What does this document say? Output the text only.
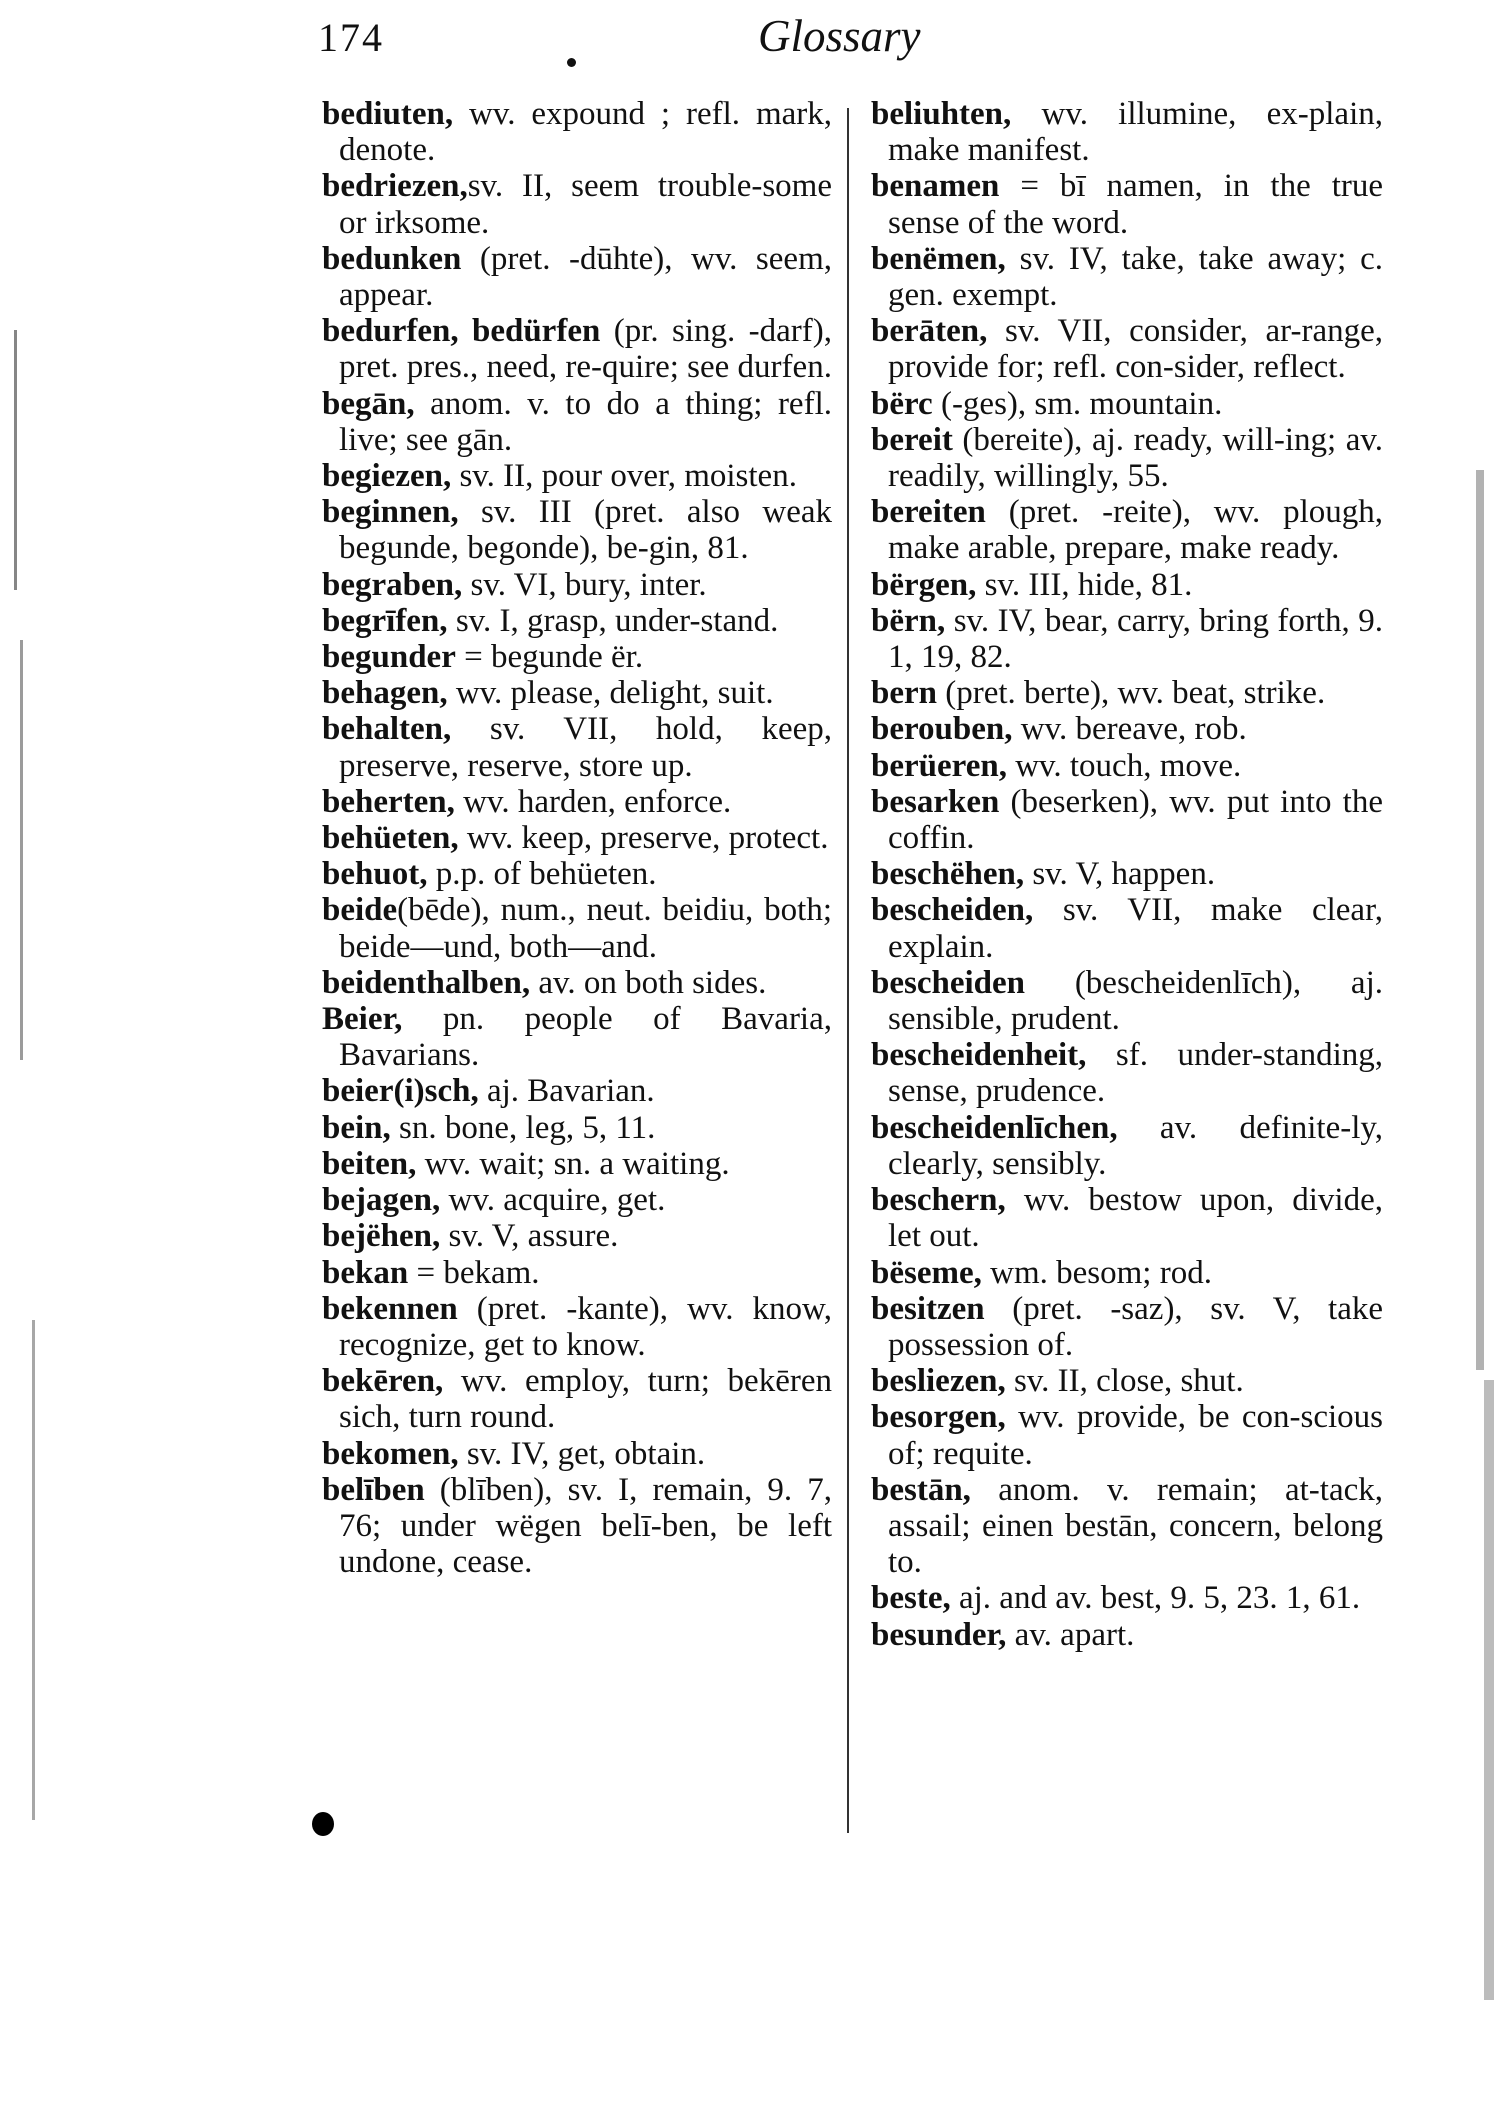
174	Glossary

bediuten, wv. expound ; refl. mark, denote.

bedriezen,sv. II, seem trouble-some or irksome.

bedunken (pret. -dūhte), wv. seem, appear.

bedurfen, bedürfen (pr. sing. -darf), pret. pres., need, re-quire; see durfen.

begān, anom. v. to do a thing; refl. live; see gān.

begiezen, sv. II, pour over, moisten.

beginnen, sv. III (pret. also weak begunde, begonde), be-gin, 81.

begraben, sv. VI, bury, inter.

begrīfen, sv. I, grasp, under-stand.

begunder = begunde ër.

behagen, wv. please, delight, suit.

behalten, sv. VII, hold, keep, preserve, reserve, store up.

beherten, wv. harden, enforce.

behüeten, wv. keep, preserve, protect.

behuot, p.p. of behüeten.

beide(bēde), num., neut. beidiu, both; beide—und, both—and.

beidenthalben, av. on both sides.

Beier, pn. people of Bavaria, Bavarians.

beier(i)sch, aj. Bavarian.

bein, sn. bone, leg, 5, 11.

beiten, wv. wait; sn. a waiting.

bejagen, wv. acquire, get.

bejëhen, sv. V, assure.

bekan = bekam.

bekennen (pret. -kante), wv. know, recognize, get to know.

bekēren, wv. employ, turn; bekēren sich, turn round.

bekomen, sv. IV, get, obtain.

belīben (blīben), sv. I, remain, 9. 7, 76; under wëgen belī-ben, be left undone, cease.

beliuhten, wv. illumine, ex-plain, make manifest.

benamen = bī namen, in the true sense of the word.

benëmen, sv. IV, take, take away; c. gen. exempt.

berāten, sv. VII, consider, ar-range, provide for; refl. con-sider, reflect.

bërc (-ges), sm. mountain.

bereit (bereite), aj. ready, will-ing; av. readily, willingly, 55.

bereiten (pret. -reite), wv. plough, make arable, prepare, make ready.

bërgen, sv. III, hide, 81.

bërn, sv. IV, bear, carry, bring forth, 9. 1, 19, 82.

bern (pret. berte), wv. beat, strike.

berouben, wv. bereave, rob.

berüeren, wv. touch, move.

besarken (beserken), wv. put into the coffin.

beschëhen, sv. V, happen.

bescheiden, sv. VII, make clear, explain.

bescheiden (bescheidenlīch), aj. sensible, prudent.

bescheidenheit, sf. under-standing, sense, prudence.

bescheidenlīchen, av. definite-ly, clearly, sensibly.

beschern, wv. bestow upon, divide, let out.

bëseme, wm. besom; rod.

besitzen (pret. -saz), sv. V, take possession of.

besliezen, sv. II, close, shut.

besorgen, wv. provide, be con-scious of; requite.

bestān, anom. v. remain; at-tack, assail; einen bestān, concern, belong to.

beste, aj. and av. best, 9. 5, 23. 1, 61.

besunder, av. apart.
